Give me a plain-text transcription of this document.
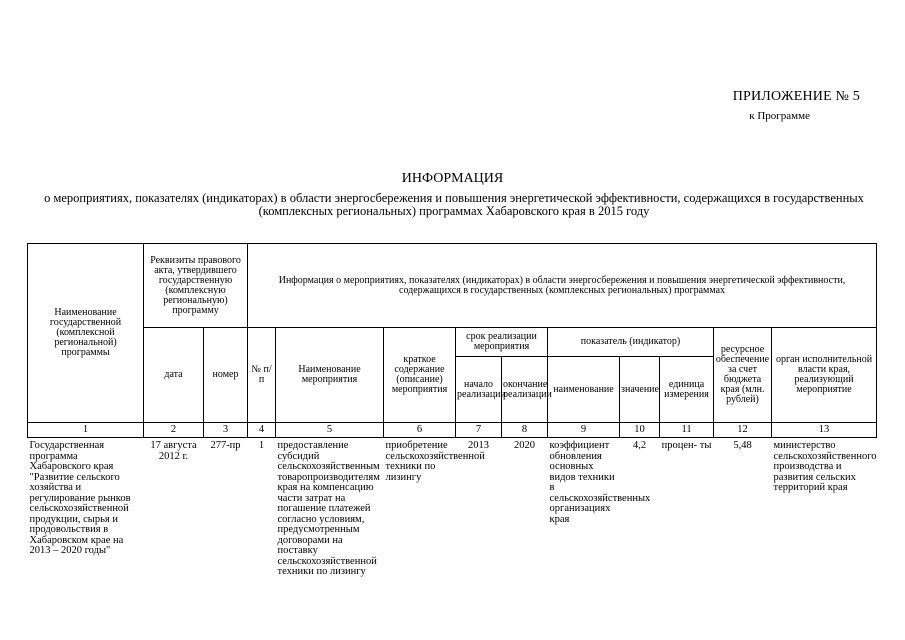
ПРИЛОЖЕНИЕ № 5
к Программе
ИНФОРМАЦИЯ
о мероприятиях, показателях (индикаторах) в области энергосбережения и повышения энергетической эффективности, содержащихся в государственных (комплексных региональных) программах Хабаровского края в 2015 году
Наименование государственной (комплексной региональной) программы	Реквизиты правового акта, утвердившего государственную (комплексную региональную) программу		Информация о мероприятиях, показателях (индикаторах) в области энергосбережения и повышения энергетической эффективности, содержащихся в государственных (комплексных региональных) программах									
	дата	номер	№ п/п	Наименование мероприятия	краткое содержание (описание) мероприятия	срок реализации мероприятия		показатель (индикатор)			ресурсное обеспечение за счет бюджета края (млн. рублей)	орган исполнительной власти края, реализующий мероприятие
						начало реализации	окончание реализации	наименование	значение	единица измерения		
1	2	3	4	5	6	7	8	9	10	11	12	13
Государственная программа Хабаровского края "Развитие сельского хозяйства и регулирование рынков сельскохозяйственной продукции, сырья и продовольствия в Хабаровском крае на 2013 – 2020 годы"	17 августа 2012 г.	277-пр	1	предоставление субсидий сельскохозяйственным товаропроизводителям края на компенсацию части затрат на погашение платежей согласно условиям, предусмотренным договорами на поставку сельскохозяйственной техники по лизингу	приобретение сельскохозяйственной техники по лизингу	2013	2020	коэффициент обновления основных видов техники в сельскохозяйственных организациях края	4,2	процен- ты	5,48	министерство сельскохозяйственного производства и развития сельских территорий края
